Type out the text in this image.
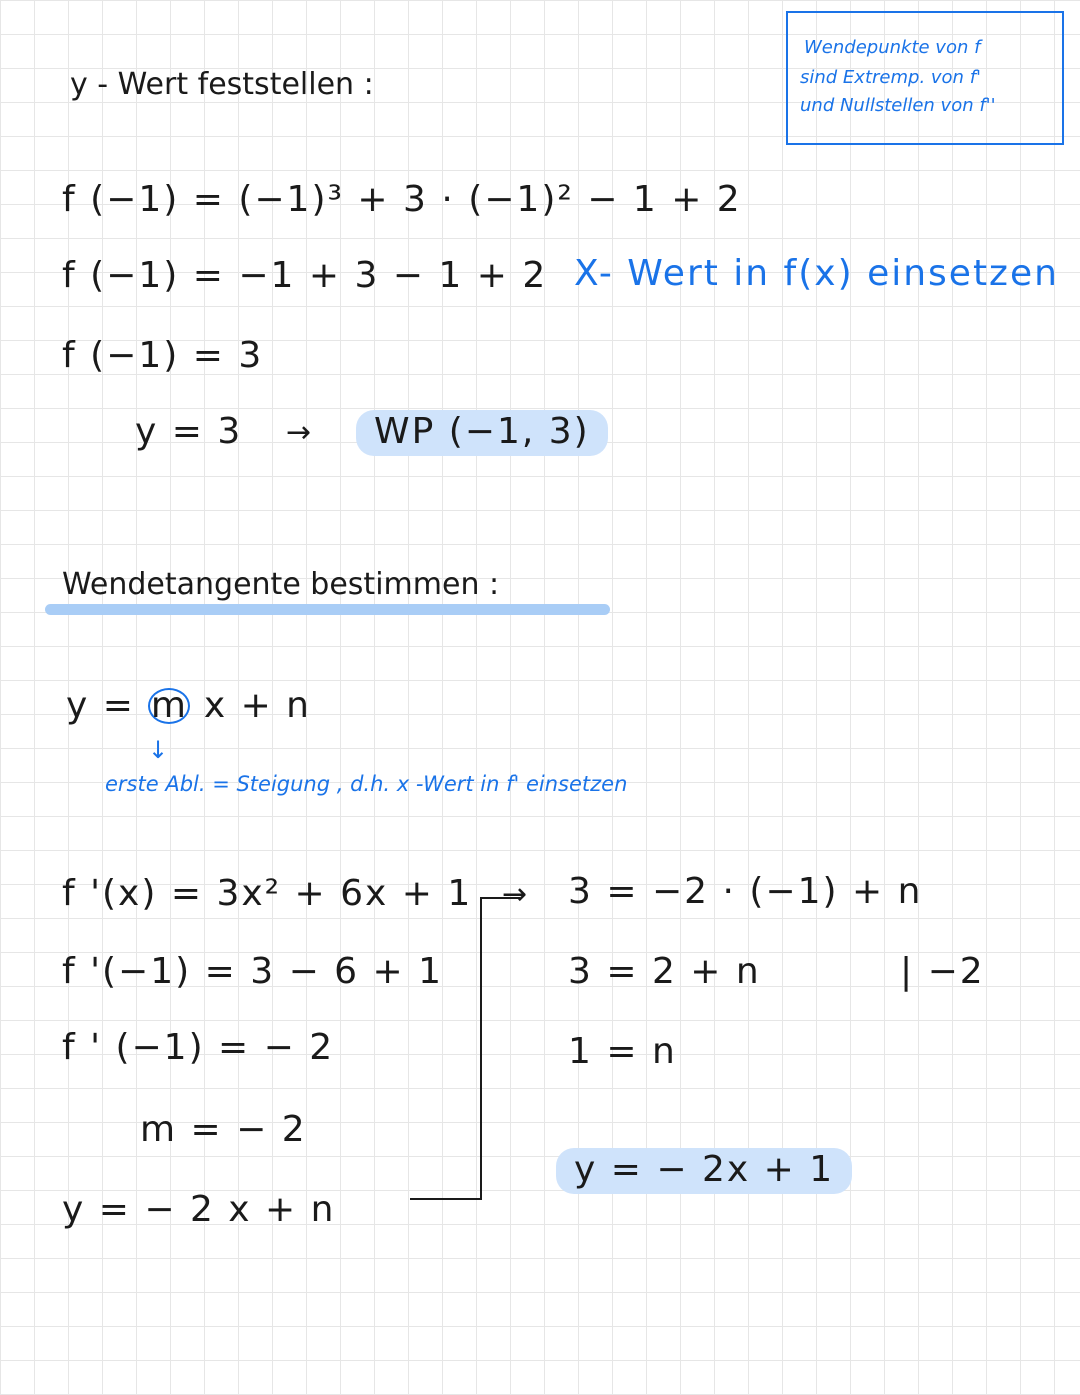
y - Wert feststellen :
Wendepunkte von f
sind Extremp. von f'
und Nullstellen von f''
f (−1) = (−1)³ + 3 · (−1)² − 1 + 2
f (−1) = −1 + 3 − 1 + 2
f (−1) = 3
y = 3 →	WP (−1, 3)
X- Wert in f(x) einsetzen
Wendetangente bestimmen :
y = m x + n
↓
erste Abl. = Steigung , d.h. x -Wert in f' einsetzen
f '(x) = 3x² + 6x + 1
f '(−1) = 3 − 6 + 1
f ' (−1) = − 2
m = − 2
y = − 2 x + n
→ 3 = −2 · (−1) + n
3 = 2 + n	| −2
1 = n
y = − 2x + 1
